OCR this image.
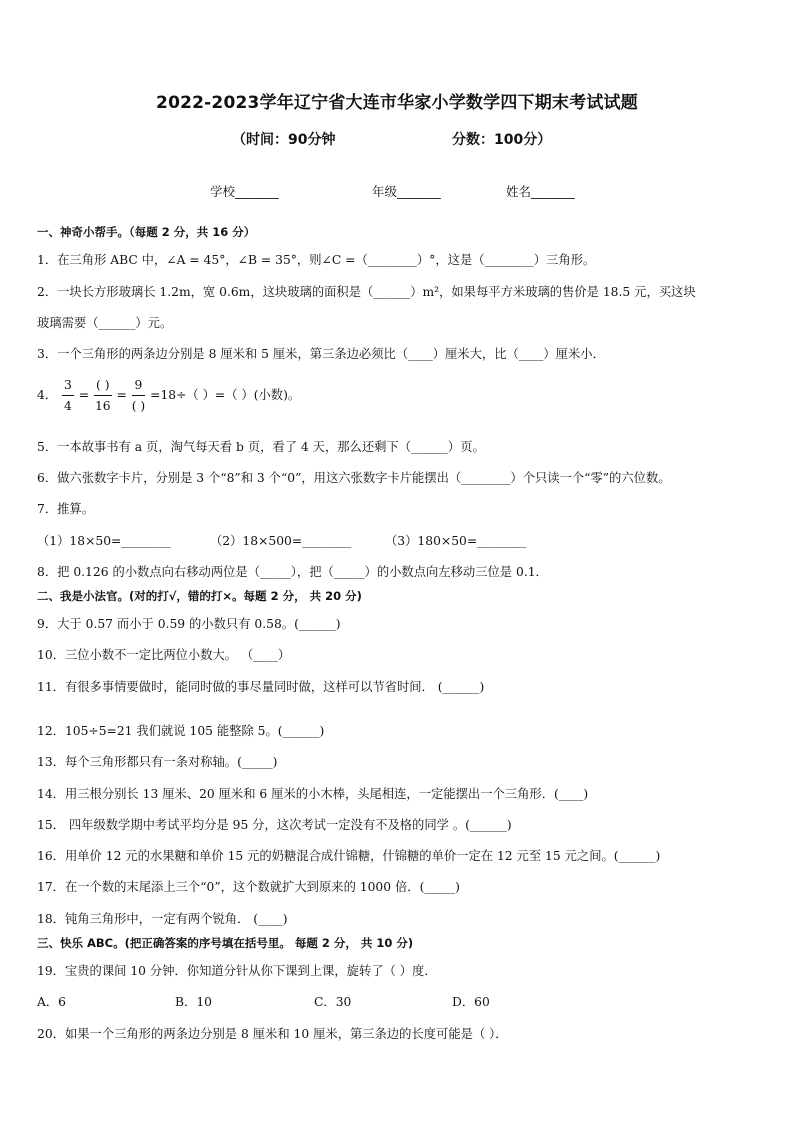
2022-2023学年辽宁省大连市华家小学数学四下期末考试试题
（时间：90分钟	分数：100分）
学校_______	年级_______	姓名_______
一、神奇小帮手。（每题 2 分，共 16 分）
1．在三角形 ABC 中，∠A = 45°，∠B = 35°，则∠C =（________）°，这是（________）三角形。
2．一块长方形玻璃长 1.2m，宽 0.6m，这块玻璃的面积是（______）m²，如果每平方米玻璃的售价是 18.5 元，买这块
玻璃需要（______）元。
3．一个三角形的两条边分别是 8 厘米和 5 厘米，第三条边必须比（____）厘米大，比（____）厘米小．
4． $\frac{3}{4} = \frac{( )}{16} = \frac{9}{( )} =18\div$（ ）=（ ）(小数)。
5．一本故事书有 a 页，淘气每天看 b 页，看了 4 天，那么还剩下（______）页。
6．做六张数字卡片，分别是 3 个“8”和 3 个“0”，用这六张数字卡片能摆出（________）个只读一个“零”的六位数。
7．推算。
（1）18×50=________	（2）18×500=________	（3）180×50=________
8．把 0.126 的小数点向右移动两位是（_____），把（_____）的小数点向左移动三位是 0.1．
二、我是小法官。(对的打√，错的打×。每题 2 分， 共 20 分)
9．大于 0.57 而小于 0.59 的小数只有 0.58。(______)
10．三位小数不一定比两位小数大。 （____）
11．有很多事情要做时，能同时做的事尽量同时做，这样可以节省时间． (______)
12．105÷5=21 我们就说 105 能整除 5。(______)
13．每个三角形都只有一条对称轴。(_____)
14．用三根分别长 13 厘米、20 厘米和 6 厘米的小木棒，头尾相连，一定能摆出一个三角形．(____)
15． 四年级数学期中考试平均分是 95 分，这次考试一定没有不及格的同学 。(______)
16．用单价 12 元的水果糖和单价 15 元的奶糖混合成什锦糖，什锦糖的单价一定在 12 元至 15 元之间。(______)
17．在一个数的末尾添上三个“0”，这个数就扩大到原来的 1000 倍．(_____)
18．钝角三角形中，一定有两个锐角． (____)
三、快乐 ABC。(把正确答案的序号填在括号里。 每题 2 分， 共 10 分)
19．宝贵的课间 10 分钟．你知道分针从你下课到上课，旋转了（ ）度．
A．6	B．10	C．30	D．60
20．如果一个三角形的两条边分别是 8 厘米和 10 厘米，第三条边的长度可能是（ ）．
